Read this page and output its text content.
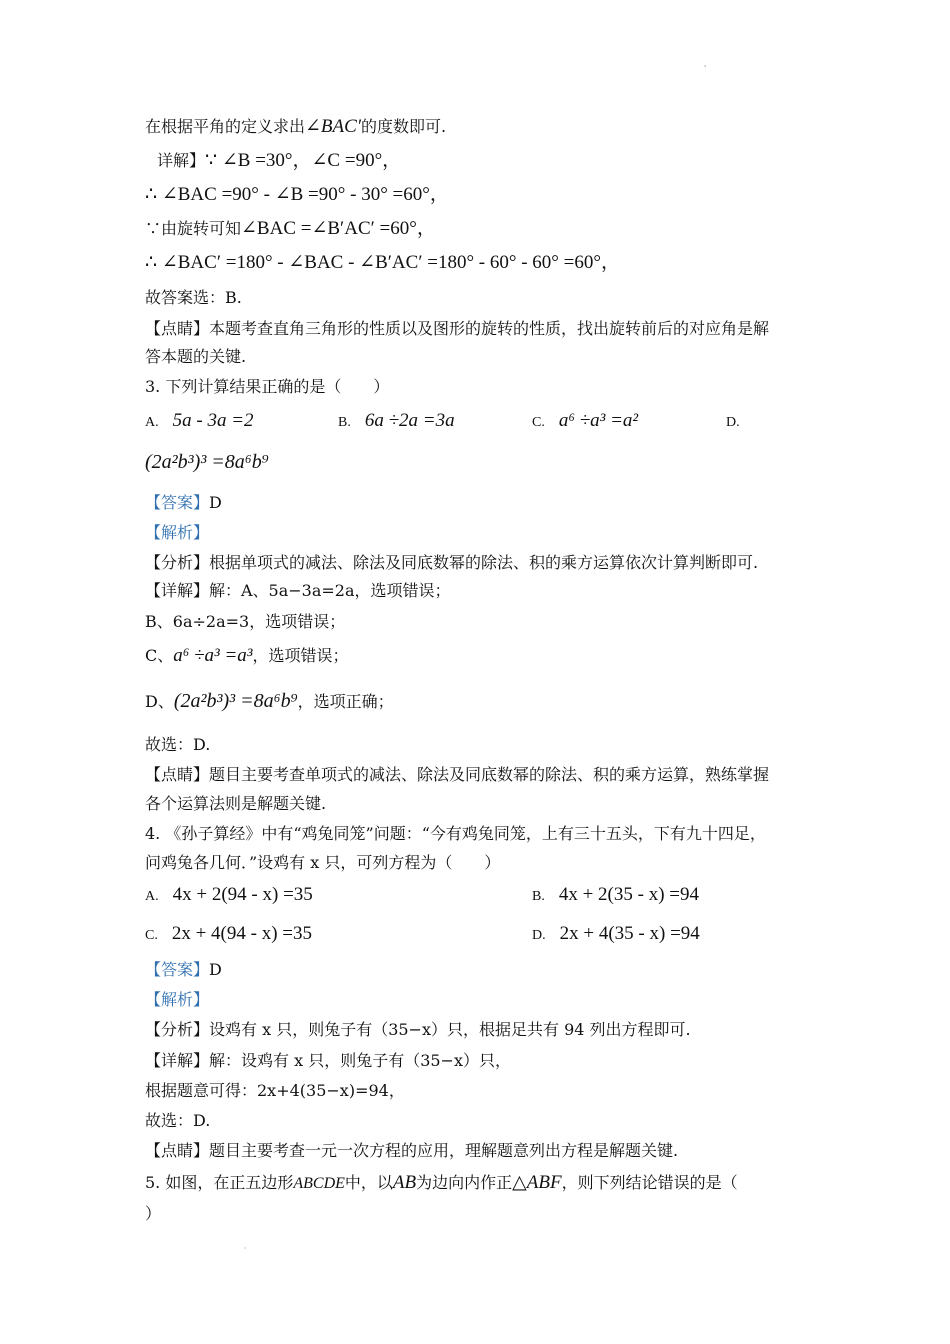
'
在根据平角的定义求出∠BAC′的度数即可.
详解】∵ ∠B =30°，∠C =90°，
∴ ∠BAC =90° - ∠B =90° - 30° =60°，
∵由旋转可知∠BAC =∠B′AC′ =60°，
∴ ∠BAC′ =180° - ∠BAC - ∠B′AC′ =180° - 60° - 60° =60°，
故答案选：B.
【点睛】本题考查直角三角形的性质以及图形的旋转的性质，找出旋转前后的对应角是解
答本题的关键.
3. 下列计算结果正确的是（　　）
A. 5a - 3a =2	B. 6a ÷2a =3a	C. a⁶ ÷a³ =a²	D.
(2a²b³)³ =8a⁶b⁹
【答案】D
【解析】
【分析】根据单项式的减法、除法及同底数幂的除法、积的乘方运算依次计算判断即可.
【详解】解：A、5a−3a=2a，选项错误；
B、6a÷2a=3，选项错误；
C、a⁶ ÷a³ =a³，选项错误；
D、(2a²b³)³ =8a⁶b⁹，选项正确；
故选：D.
【点睛】题目主要考查单项式的减法、除法及同底数幂的除法、积的乘方运算，熟练掌握
各个运算法则是解题关键.
4. 《孙子算经》中有“鸡兔同笼”问题：“今有鸡兔同笼，上有三十五头，下有九十四足，
问鸡兔各几何．”设鸡有 x 只，可列方程为（　　）
A. 4x + 2(94 - x) =35	B. 4x + 2(35 - x) =94
C. 2x + 4(94 - x) =35	D. 2x + 4(35 - x) =94
【答案】D
【解析】
【分析】设鸡有 x 只，则兔子有（35−x）只，根据足共有 94 列出方程即可.
【详解】解：设鸡有 x 只，则兔子有（35−x）只，
根据题意可得：2x+4(35−x)=94，
故选：D.
【点睛】题目主要考查一元一次方程的应用，理解题意列出方程是解题关键.
5. 如图，在正五边形ABCDE中，以AB为边向内作正△ABF，则下列结论错误的是（
）
·
